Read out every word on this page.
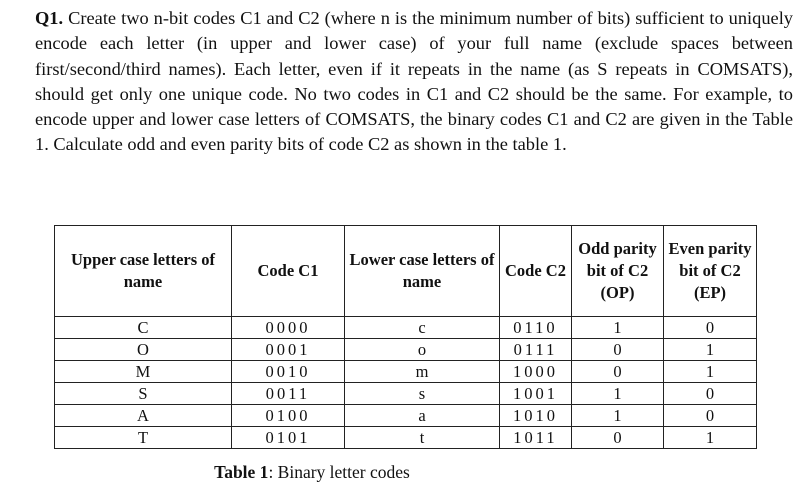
Q1. Create two n-bit codes C1 and C2 (where n is the minimum number of bits) sufficient to uniquely encode each letter (in upper and lower case) of your full name (exclude spaces between first/second/third names). Each letter, even if it repeats in the name (as S repeats in COMSATS), should get only one unique code. No two codes in C1 and C2 should be the same. For example, to encode upper and lower case letters of COMSATS, the binary codes C1 and C2 are given in the Table 1. Calculate odd and even parity bits of code C2 as shown in the table 1.

Upper case letters of name	Code C1	Lower case letters of name	Code C2	Odd parity bit of C2 (OP)	Even parity bit of C2 (EP)
C	0000	c	0110	1	0
O	0001	o	0111	0	1
M	0010	m	1000	0	1
S	0011	s	1001	1	0
A	0100	a	1010	1	0
T	0101	t	1011	0	1
Table 1: Binary letter codes
